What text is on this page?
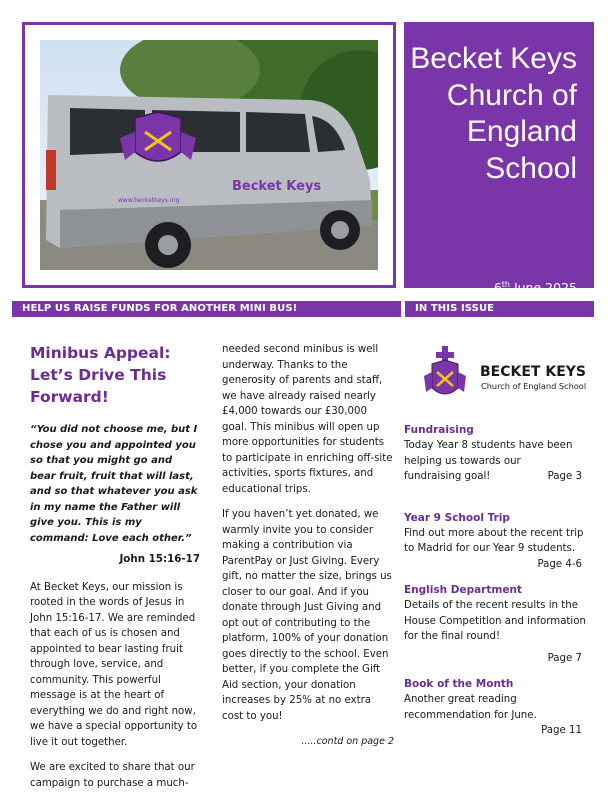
Becket Keys
www.becketkeys.org
Becket Keys Church of England School
6th June 2025
HELP US RAISE FUNDS FOR ANOTHER MINI BUS!	IN THIS ISSUE
Minibus Appeal: Let’s Drive This Forward!

“You did not choose me, but I chose you and appointed you so that you might go and bear fruit, fruit that will last, and so that whatever you ask in my name the Father will give you. This is my command: Love each other.”

John 15:16-17

At Becket Keys, our mission is rooted in the words of Jesus in John 15:16-17. We are reminded that each of us is chosen and appointed to bear lasting fruit through love, service, and community. This powerful message is at the heart of everything we do and right now, we have a special opportunity to live it out together.

We are excited to share that our campaign to purchase a much-

needed second minibus is well underway. Thanks to the generosity of parents and staff, we have already raised nearly £4,000 towards our £30,000 goal. This minibus will open up more opportunities for students to participate in enriching off-site activities, sports fixtures, and educational trips.

If you haven’t yet donated, we warmly invite you to consider making a contribution via ParentPay or Just Giving. Every gift, no matter the size, brings us closer to our goal. And if you donate through Just Giving and opt out of contributing to the platform, 100% of your donation goes directly to the school. Even better, if you complete the Gift Aid section, your donation increases by 25% at no extra cost to you!

.....contd on page 2
BECKET KEYS
Church of England School
Fundraising
Today Year 8 students have been helping us towards our fundraising goal!	Page 3
Year 9 School Trip
Find out more about the recent trip to Madrid for our Year 9 students.
Page 4-6
English Department
Details of the recent results in the House Competition and information for the final round!
Page 7
Book of the Month
Another great reading recommendation for June.
Page 11
